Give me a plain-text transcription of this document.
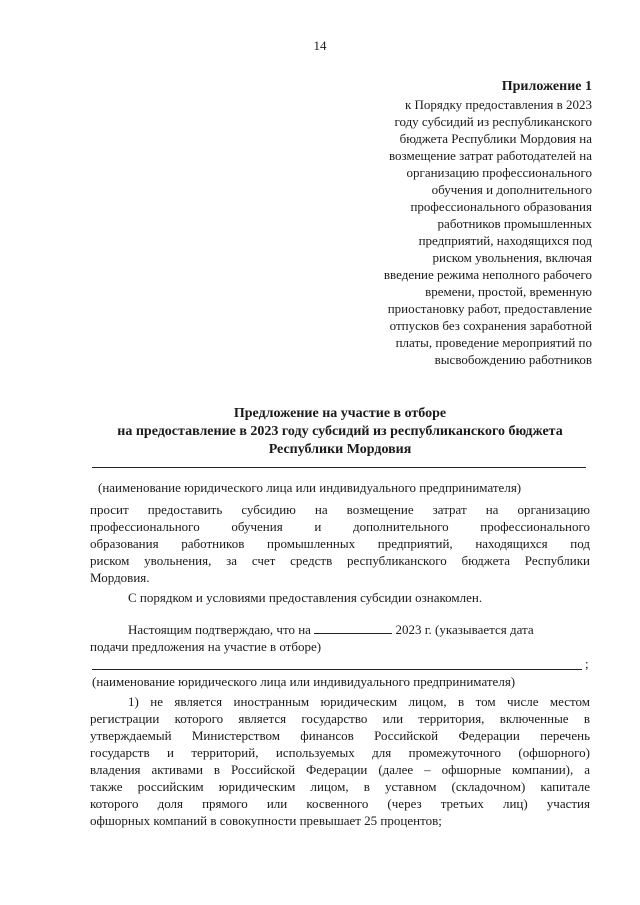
14
Приложение 1
к Порядку предоставления в 2023
году субсидий из республиканского
бюджета Республики Мордовия на
возмещение затрат работодателей на
организацию профессионального
обучения и дополнительного
профессионального образования
работников промышленных
предприятий, находящихся под
риском увольнения, включая
введение режима неполного рабочего
времени, простой, временную
приостановку работ, предоставление
отпусков без сохранения заработной
платы, проведение мероприятий по
высвобождению работников
Предложение на участие в отборе
на предоставление в 2023 году субсидий из республиканского бюджета
Республики Мордовия
(наименование юридического лица или индивидуального предпринимателя)
просит предоставить субсидию на возмещение затрат на организацию
профессионального обучения и дополнительного профессионального
образования работников промышленных предприятий, находящихся под
риском увольнения, за счет средств республиканского бюджета Республики
Мордовия.
С порядком и условиями предоставления субсидии ознакомлен.
Настоящим подтверждаю, что на	2023 г. (указывается дата
подачи предложения на участие в отборе)
;
(наименование юридического лица или индивидуального предпринимателя)
1) не является иностранным юридическим лицом, в том числе местом
регистрации которого является государство или территория, включенные в
утверждаемый Министерством финансов Российской Федерации перечень
государств и территорий, используемых для промежуточного (офшорного)
владения активами в Российской Федерации (далее – офшорные компании), а
также российским юридическим лицом, в уставном (складочном) капитале
которого доля прямого или косвенного (через третьих лиц) участия
офшорных компаний в совокупности превышает 25 процентов;
